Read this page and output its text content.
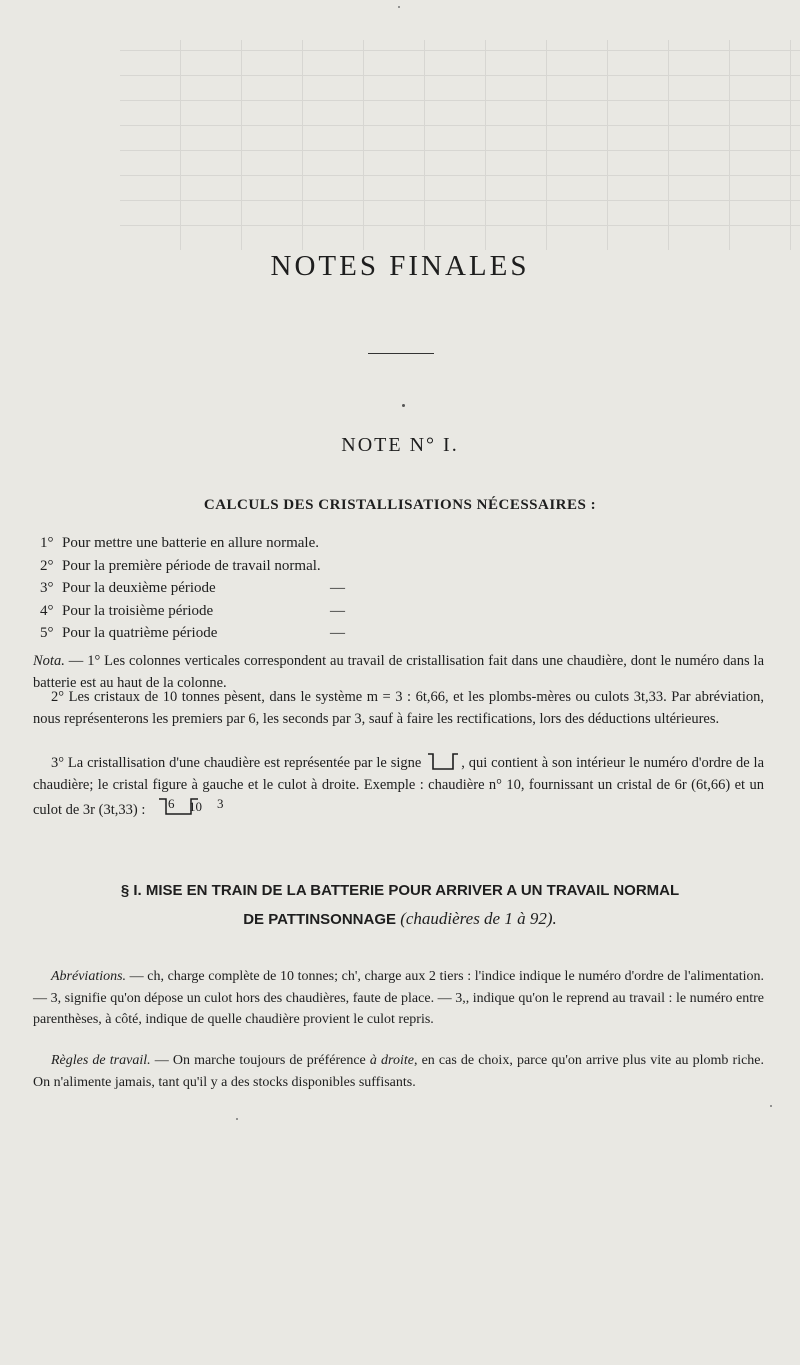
NOTES FINALES
NOTE N° I.
CALCULS DES CRISTALLISATIONS NÉCESSAIRES :
1° Pour mettre une batterie en allure normale.
2° Pour la première période de travail normal.
3° Pour la deuxième période	—
4° Pour la troisième période	—
5° Pour la quatrième période	—
Nota. — 1° Les colonnes verticales correspondent au travail de cristallisation fait dans une chaudière, dont le numéro dans la batterie est au haut de la colonne.
2° Les cristaux de 10 tonnes pèsent, dans le système m = 3 : 6t,66, et les plombs-mères ou culots 3t,33. Par abréviation, nous représenterons les premiers par 6, les seconds par 3, sauf à faire les rectifications, lors des déductions ultérieures.
3° La cristallisation d'une chaudière est représentée par le signe	, qui contient à son intérieur le numéro d'ordre de la chaudière; le cristal figure à gauche et le culot à droite. Exemple : chaudière n° 10, fournissant un cristal de 6r (6t,66) et un culot de 3r (3t,33) :	6	10	3
§ I. MISE EN TRAIN DE LA BATTERIE POUR ARRIVER A UN TRAVAIL NORMAL
DE PATTINSONNAGE (chaudières de 1 à 92).
Abréviations. — ch, charge complète de 10 tonnes; ch', charge aux 2 tiers : l'indice indique le numéro d'ordre de l'alimentation. — 3, signifie qu'on dépose un culot hors des chaudières, faute de place. — 3,, indique qu'on le reprend au travail : le numéro entre parenthèses, à côté, indique de quelle chaudière provient le culot repris.
Règles de travail. — On marche toujours de préférence à droite, en cas de choix, parce qu'on arrive plus vite au plomb riche. On n'alimente jamais, tant qu'il y a des stocks disponibles suffisants.
